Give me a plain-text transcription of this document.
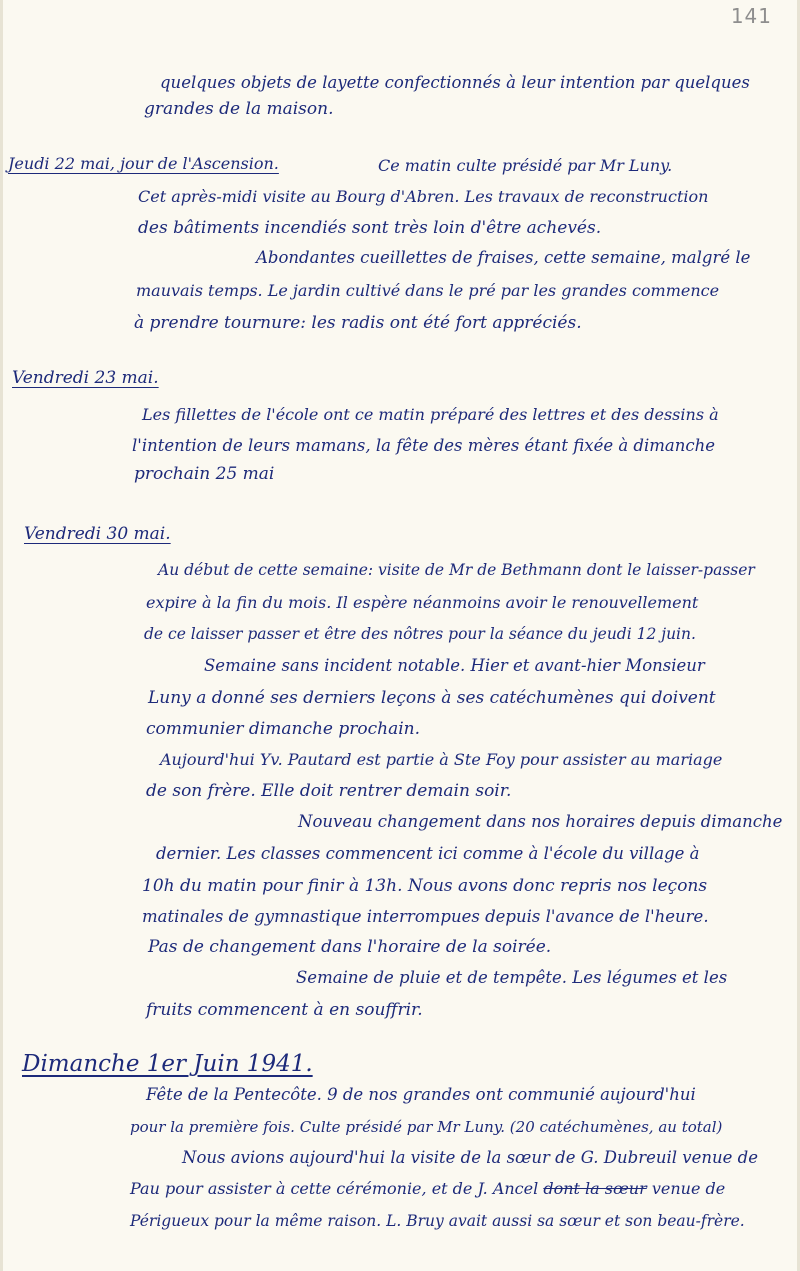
141
quelques objets de layette confectionnés à leur intention par quelques
grandes de la maison.
Jeudi 22 mai, jour de l'Ascension.	Ce matin culte présidé par Mr Luny.
Cet après-midi visite au Bourg d'Abren. Les travaux de reconstruction
des bâtiments incendiés sont très loin d'être achevés.
Abondantes cueillettes de fraises, cette semaine, malgré le
mauvais temps. Le jardin cultivé dans le pré par les grandes commence
à prendre tournure: les radis ont été fort appréciés.
Vendredi 23 mai.
Les fillettes de l'école ont ce matin préparé des lettres et des dessins à
l'intention de leurs mamans, la fête des mères étant fixée à dimanche
prochain 25 mai
Vendredi 30 mai.
Au début de cette semaine: visite de Mr de Bethmann dont le laisser-passer
expire à la fin du mois. Il espère néanmoins avoir le renouvellement
de ce laisser passer et être des nôtres pour la séance du jeudi 12 juin.
Semaine sans incident notable. Hier et avant-hier Monsieur
Luny a donné ses derniers leçons à ses catéchumènes qui doivent
communier dimanche prochain.
Aujourd'hui Yv. Pautard est partie à Ste Foy pour assister au mariage
de son frère. Elle doit rentrer demain soir.
Nouveau changement dans nos horaires depuis dimanche
dernier. Les classes commencent ici comme à l'école du village à
10h du matin pour finir à 13h. Nous avons donc repris nos leçons
matinales de gymnastique interrompues depuis l'avance de l'heure.
Pas de changement dans l'horaire de la soirée.
Semaine de pluie et de tempête. Les légumes et les
fruits commencent à en souffrir.
Dimanche 1er Juin 1941.
Fête de la Pentecôte. 9 de nos grandes ont communié aujourd'hui
pour la première fois. Culte présidé par Mr Luny. (20 catéchumènes, au total)
Nous avions aujourd'hui la visite de la sœur de G. Dubreuil venue de
Pau pour assister à cette cérémonie, et de J. Ancel dont la sœur venue de
Périgueux pour la même raison. L. Bruy avait aussi sa sœur et son beau-frère.
